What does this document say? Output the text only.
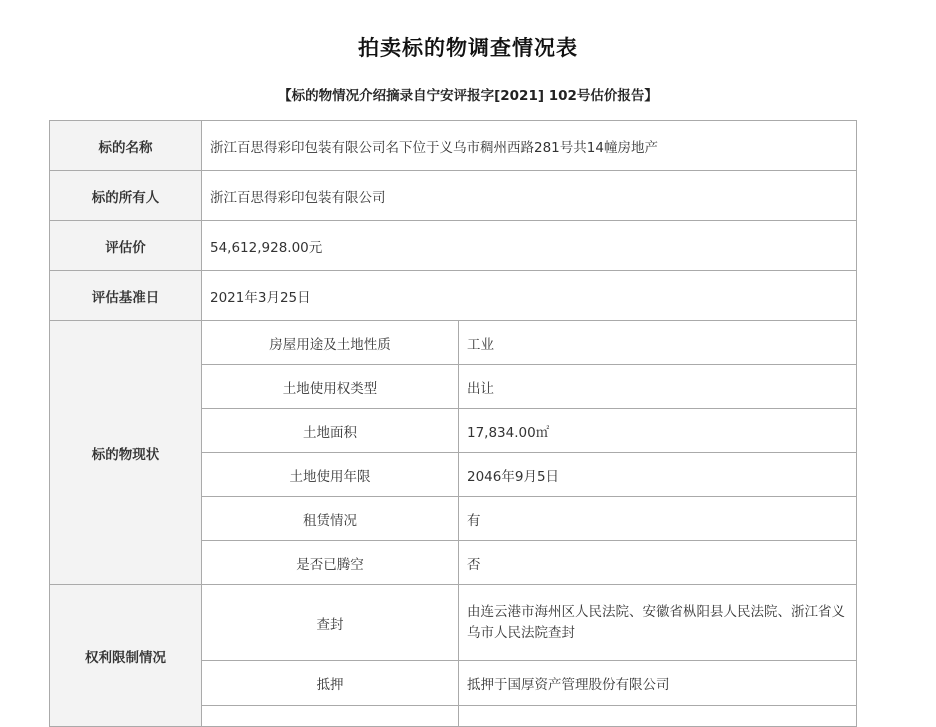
拍卖标的物调查情况表
【标的物情况介绍摘录自宁安评报字[2021] 102号估价报告】
标的名称	浙江百思得彩印包装有限公司名下位于义乌市稠州西路281号共14幢房地产	
标的所有人	浙江百思得彩印包装有限公司	
评估价	54,612,928.00元	
评估基准日	2021年3月25日	
标的物现状	房屋用途及土地性质	工业
	土地使用权类型	出让
	土地面积	17,834.00㎡
	土地使用年限	2046年9月5日
	租赁情况	有
	是否已腾空	否
权利限制情况	查封	由连云港市海州区人民法院、安徽省枞阳县人民法院、浙江省义乌市人民法院查封
	抵押	抵押于国厚资产管理股份有限公司
